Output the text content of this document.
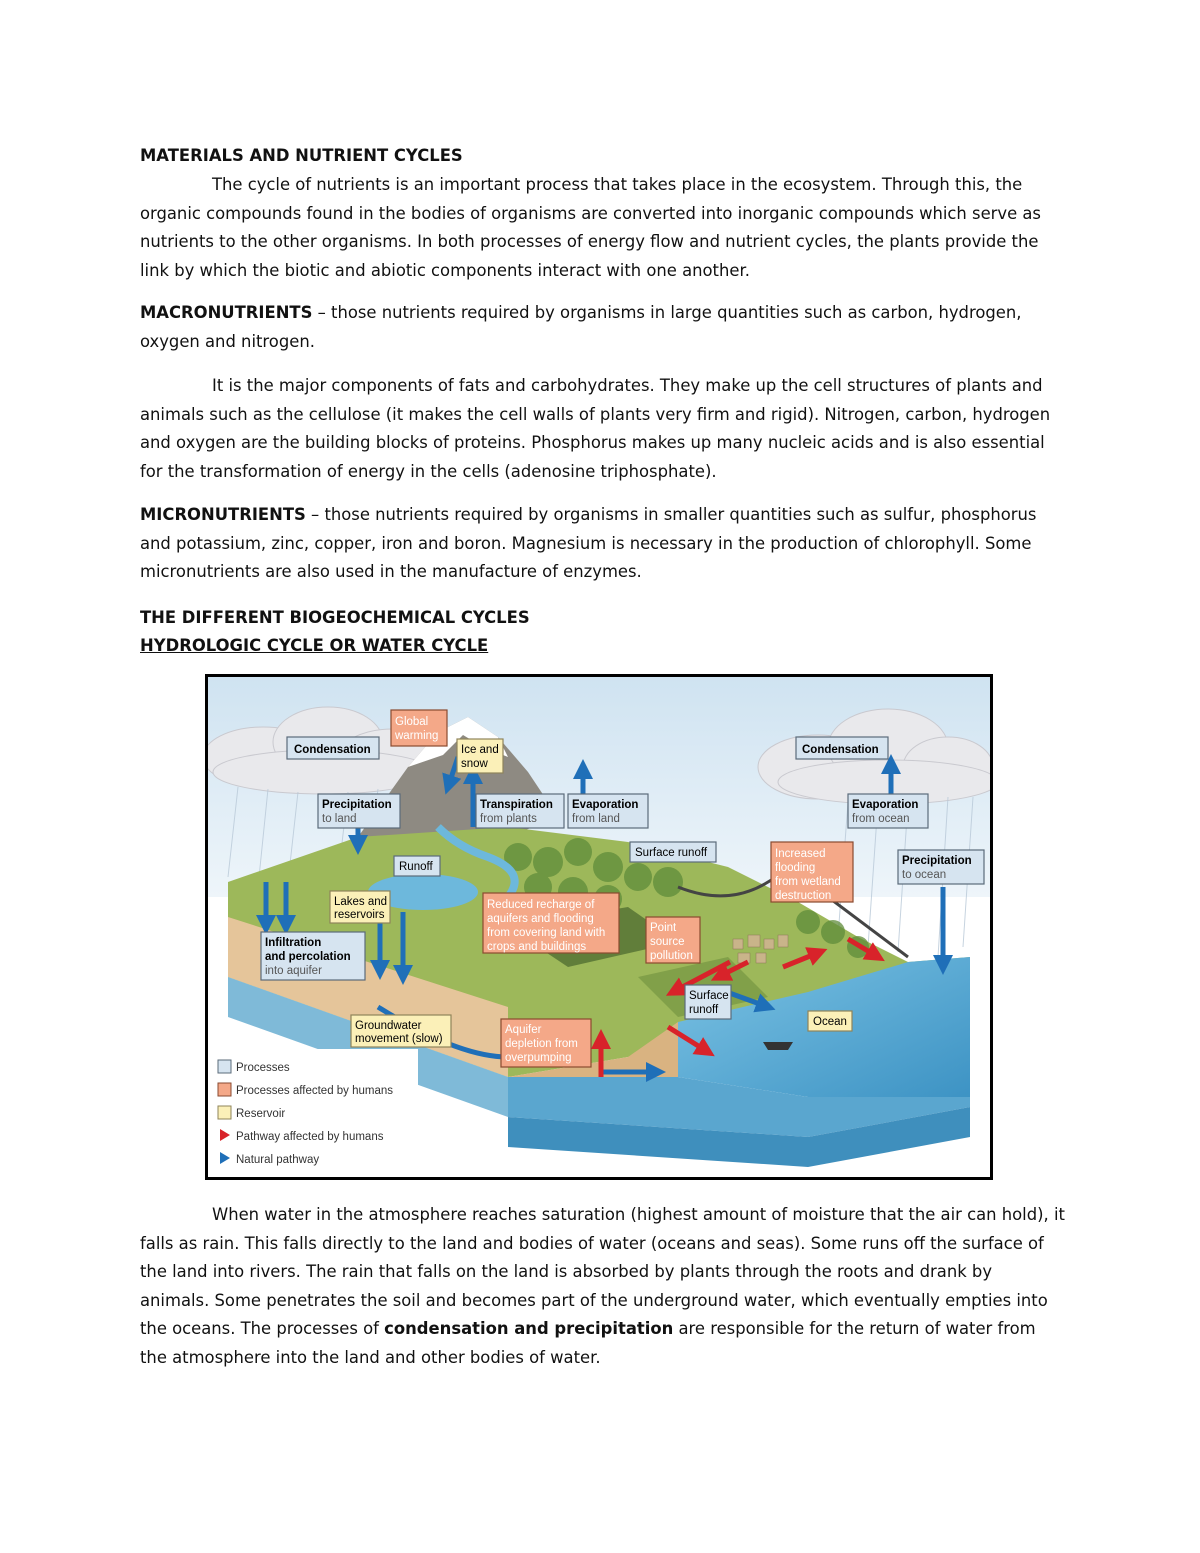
MATERIALS AND NUTRIENT CYCLES
The cycle of nutrients is an important process that takes place in the ecosystem. Through this, the organic compounds found in the bodies of organisms are converted into inorganic compounds which serve as nutrients to the other organisms. In both processes of energy flow and nutrient cycles, the plants provide the link by which the biotic and abiotic components interact with one another.
MACRONUTRIENTS – those nutrients required by organisms in large quantities such as carbon, hydrogen, oxygen and nitrogen.
It is the major components of fats and carbohydrates. They make up the cell structures of plants and animals such as the cellulose (it makes the cell walls of plants very firm and rigid). Nitrogen, carbon, hydrogen and oxygen are the building blocks of proteins. Phosphorus makes up many nucleic acids and is also essential for the transformation of energy in the cells (adenosine triphosphate).
MICRONUTRIENTS – those nutrients required by organisms in smaller quantities such as sulfur, phosphorus and potassium, zinc, copper, iron and boron. Magnesium is necessary in the production of chlorophyll. Some micronutrients are also used in the manufacture of enzymes.
THE DIFFERENT BIOGEOCHEMICAL CYCLES
HYDROLOGIC CYCLE OR WATER CYCLE
Condensation
Global
warming
Ice and
snow
Condensation
Precipitation
to land
Transpiration
from plants
Evaporation
from land
Evaporation
from ocean
Surface runoff
Runoff
Increased
flooding
from wetland
destruction
Precipitation
to ocean
Lakes and
reservoirs
Reduced recharge of
aquifers and flooding
from covering land with
crops and buildings
Point
source
pollution
Infiltration
and percolation
into aquifer
Surface
runoff
Ocean
Groundwater
movement (slow)
Aquifer
depletion from
overpumping
Processes
Processes affected by humans
Reservoir
Pathway affected by humans
Natural pathway
When water in the atmosphere reaches saturation (highest amount of moisture that the air can hold), it falls as rain. This falls directly to the land and bodies of water (oceans and seas). Some runs off the surface of the land into rivers. The rain that falls on the land is absorbed by plants through the roots and drank by animals. Some penetrates the soil and becomes part of the underground water, which eventually empties into the oceans. The processes of condensation and precipitation are responsible for the return of water from the atmosphere into the land and other bodies of water.
